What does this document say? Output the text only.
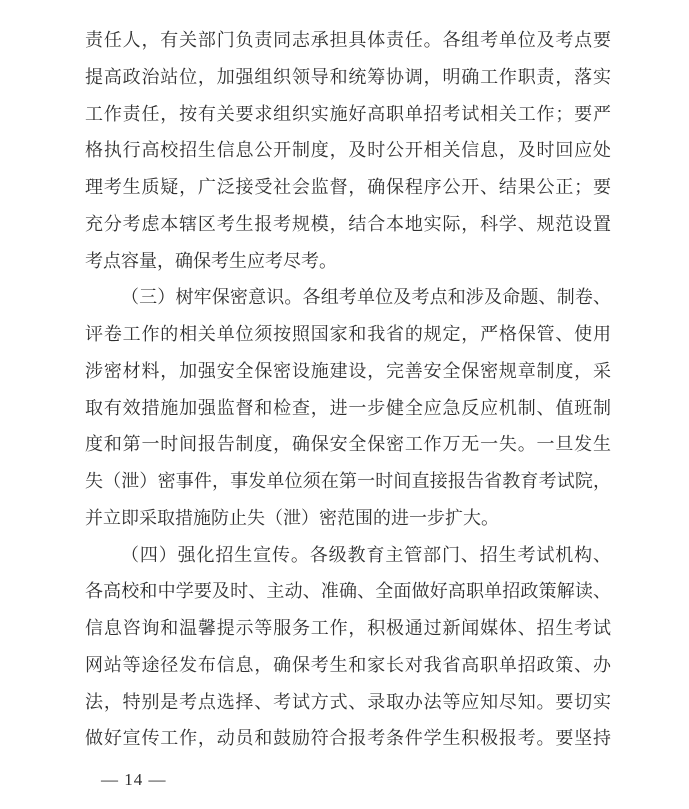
责任人，有关部门负责同志承担具体责任。各组考单位及考点要
提高政治站位，加强组织领导和统筹协调，明确工作职责，落实
工作责任，按有关要求组织实施好高职单招考试相关工作；要严
格执行高校招生信息公开制度，及时公开相关信息，及时回应处
理考生质疑，广泛接受社会监督，确保程序公开、结果公正；要
充分考虑本辖区考生报考规模，结合本地实际，科学、规范设置
考点容量，确保考生应考尽考。
（三）树牢保密意识。各组考单位及考点和涉及命题、制卷、
评卷工作的相关单位须按照国家和我省的规定，严格保管、使用
涉密材料，加强安全保密设施建设，完善安全保密规章制度，采
取有效措施加强监督和检查，进一步健全应急反应机制、值班制
度和第一时间报告制度，确保安全保密工作万无一失。一旦发生
失（泄）密事件，事发单位须在第一时间直接报告省教育考试院，
并立即采取措施防止失（泄）密范围的进一步扩大。
（四）强化招生宣传。各级教育主管部门、招生考试机构、
各高校和中学要及时、主动、准确、全面做好高职单招政策解读、
信息咨询和温馨提示等服务工作，积极通过新闻媒体、招生考试
网站等途径发布信息，确保考生和家长对我省高职单招政策、办
法，特别是考点选择、考试方式、录取办法等应知尽知。要切实
做好宣传工作，动员和鼓励符合报考条件学生积极报考。要坚持
— 14 —
